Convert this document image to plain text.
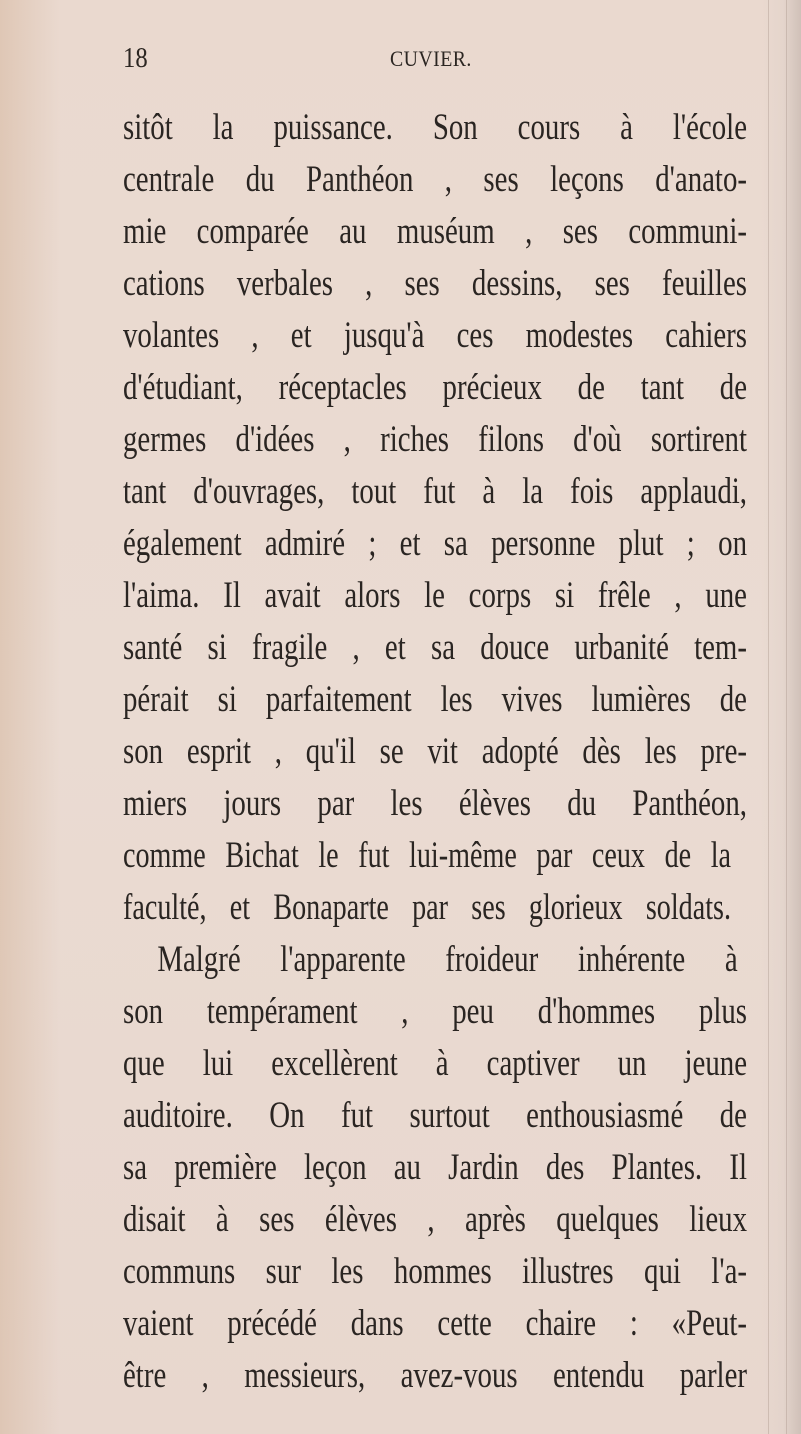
18	CUVIER.
sitôt la puissance. Son cours à l'école
centrale du Panthéon , ses leçons d'anato-
mie comparée au muséum , ses communi-
cations verbales , ses dessins, ses feuilles
volantes , et jusqu'à ces modestes cahiers
d'étudiant, réceptacles précieux de tant de
germes d'idées , riches filons d'où sortirent
tant d'ouvrages, tout fut à la fois applaudi,
également admiré ; et sa personne plut ; on
l'aima. Il avait alors le corps si frêle , une
santé si fragile , et sa douce urbanité tem-
pérait si parfaitement les vives lumières de
son esprit , qu'il se vit adopté dès les pre-
miers jours par les élèves du Panthéon,
comme Bichat le fut lui-même par ceux de la
faculté, et Bonaparte par ses glorieux soldats.
Malgré l'apparente froideur inhérente à
son tempérament , peu d'hommes plus
que lui excellèrent à captiver un jeune
auditoire. On fut surtout enthousiasmé de
sa première leçon au Jardin des Plantes. Il
disait à ses élèves , après quelques lieux
communs sur les hommes illustres qui l'a-
vaient précédé dans cette chaire : «Peut-
être , messieurs, avez-vous entendu parler
